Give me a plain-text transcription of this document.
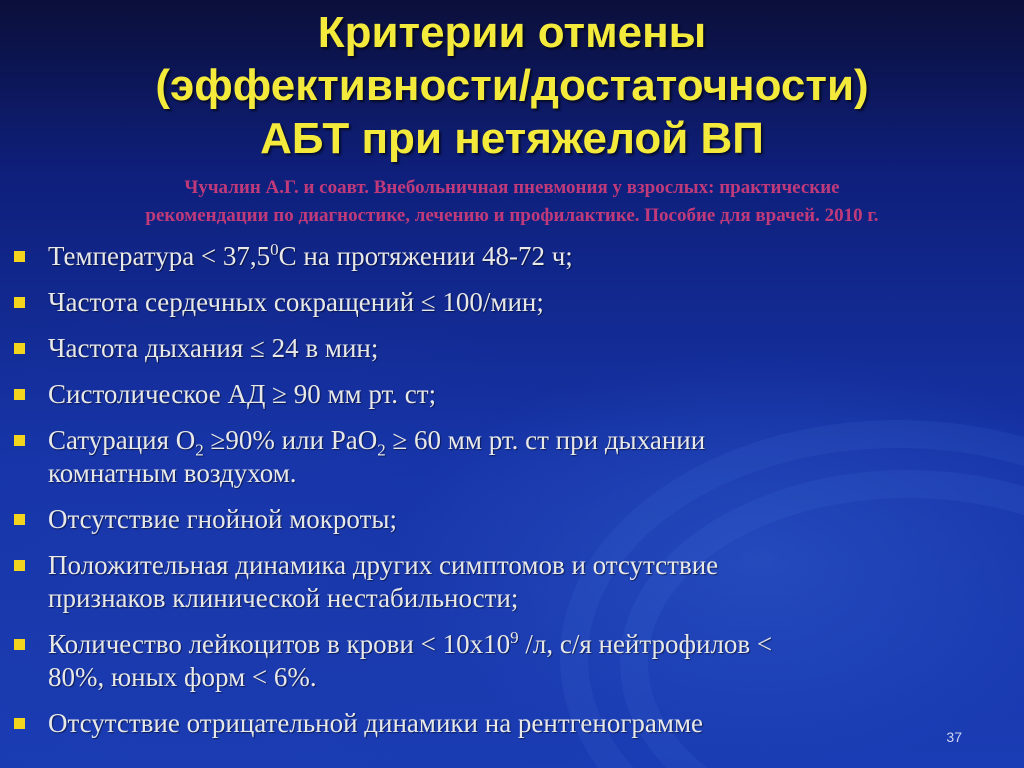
Критерии отмены
(эффективности/достаточности)
АБТ при нетяжелой ВП
Чучалин А.Г. и соавт. Внебольничная пневмония у взрослых: практические
рекомендации по диагностике, лечению и профилактике. Пособие для врачей. 2010 г.
Температура < $37,5^0С$ на протяжении 48-72 ч;
Частота сердечных сокращений ≤ 100/мин;
Частота дыхания ≤ 24 в мин;
Систолическое АД ≥ 90 мм рт. ст;
Сатурация $О_2 \ge 90\%$ или PaO$_2$ ≥ 60 мм рт. ст при дыхании
комнатным воздухом.
Отсутствие гнойной мокроты;
Положительная динамика других симптомов и отсутствие
признаков клинической нестабильности;
Количество лейкоцитов в крови < $10х10^9$ /л, с/я нейтрофилов <
80%, юных форм < 6%.
Отсутствие отрицательной динамики на рентгенограмме	37
